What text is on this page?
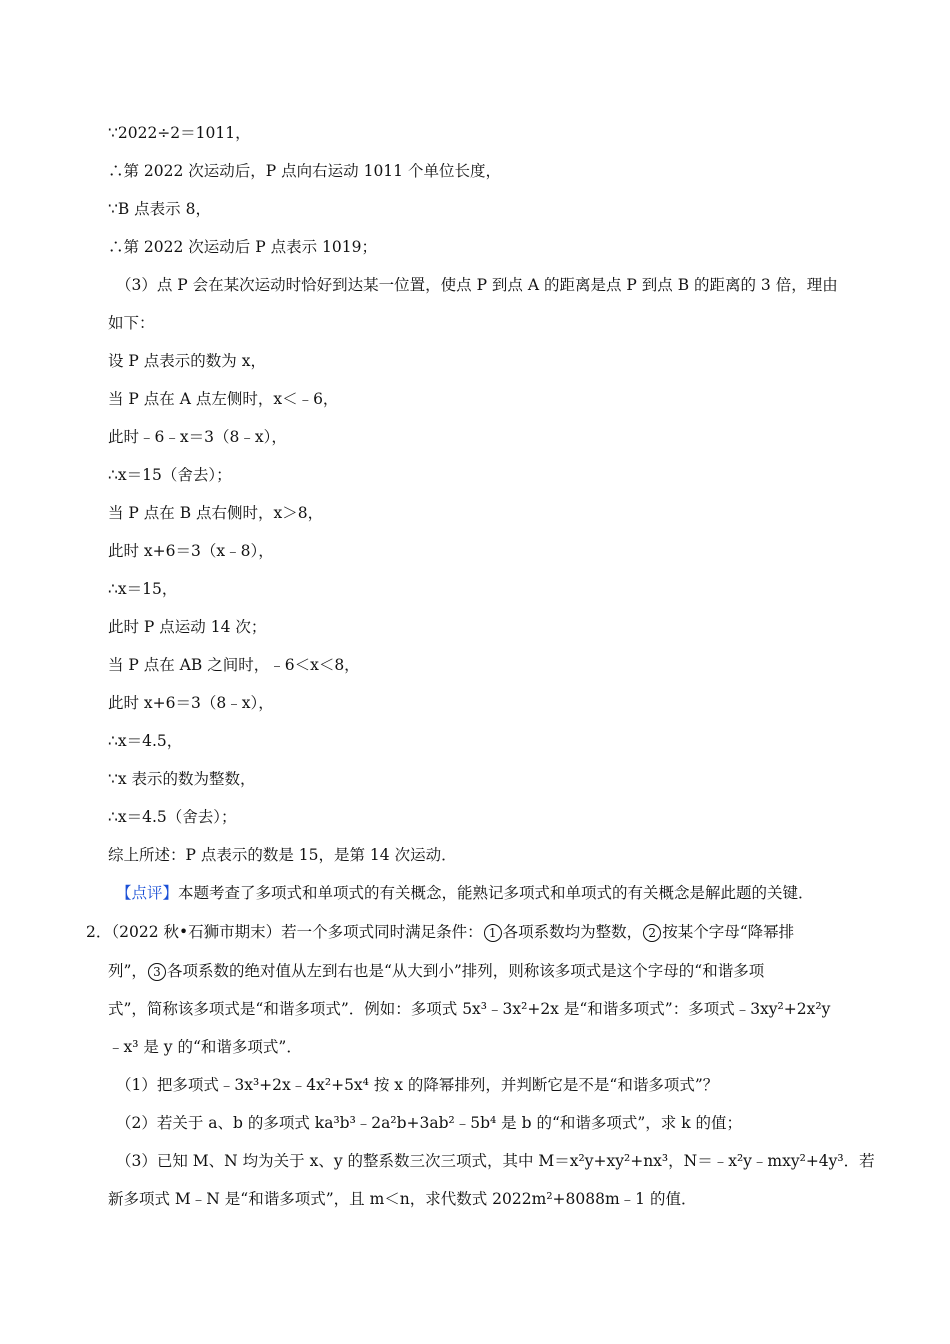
∵2022÷2＝1011，
∴第 2022 次运动后，P 点向右运动 1011 个单位长度，
∵B 点表示 8，
∴第 2022 次运动后 P 点表示 1019；
（3）点 P 会在某次运动时恰好到达某一位置，使点 P 到点 A 的距离是点 P 到点 B 的距离的 3 倍，理由
如下：
设 P 点表示的数为 x，
当 P 点在 A 点左侧时，x＜﹣6，
此时﹣6﹣x＝3（8﹣x），
∴x＝15（舍去）；
当 P 点在 B 点右侧时，x＞8，
此时 x+6＝3（x﹣8），
∴x＝15，
此时 P 点运动 14 次；
当 P 点在 AB 之间时，﹣6＜x＜8，
此时 x+6＝3（8﹣x），
∴x＝4.5，
∵x 表示的数为整数，
∴x＝4.5（舍去）；
综上所述：P 点表示的数是 15，是第 14 次运动．
【点评】本题考查了多项式和单项式的有关概念，能熟记多项式和单项式的有关概念是解此题的关键．
2．（2022 秋•石狮市期末）若一个多项式同时满足条件： 1 各项系数均为整数， 2 按某个字母“降幂排
列”， 3 各项系数的绝对值从左到右也是“从大到小”排列，则称该多项式是这个字母的“和谐多项
式”，简称该多项式是“和谐多项式”．例如：多项式 5x³﹣3x²+2x 是“和谐多项式”：多项式﹣3xy²+2x²y
﹣x³ 是 y 的“和谐多项式”．
（1）把多项式﹣3x³+2x﹣4x²+5x⁴ 按 x 的降幂排列，并判断它是不是“和谐多项式”？
（2）若关于 a、b 的多项式 ka³b³﹣2a²b+3ab²﹣5b⁴ 是 b 的“和谐多项式”，求 k 的值；
（3）已知 M、N 均为关于 x、y 的整系数三次三项式，其中 M＝x²y+xy²+nx³，N＝﹣x²y﹣mxy²+4y³．若
新多项式 M﹣N 是“和谐多项式”，且 m＜n，求代数式 2022m²+8088m﹣1 的值．
